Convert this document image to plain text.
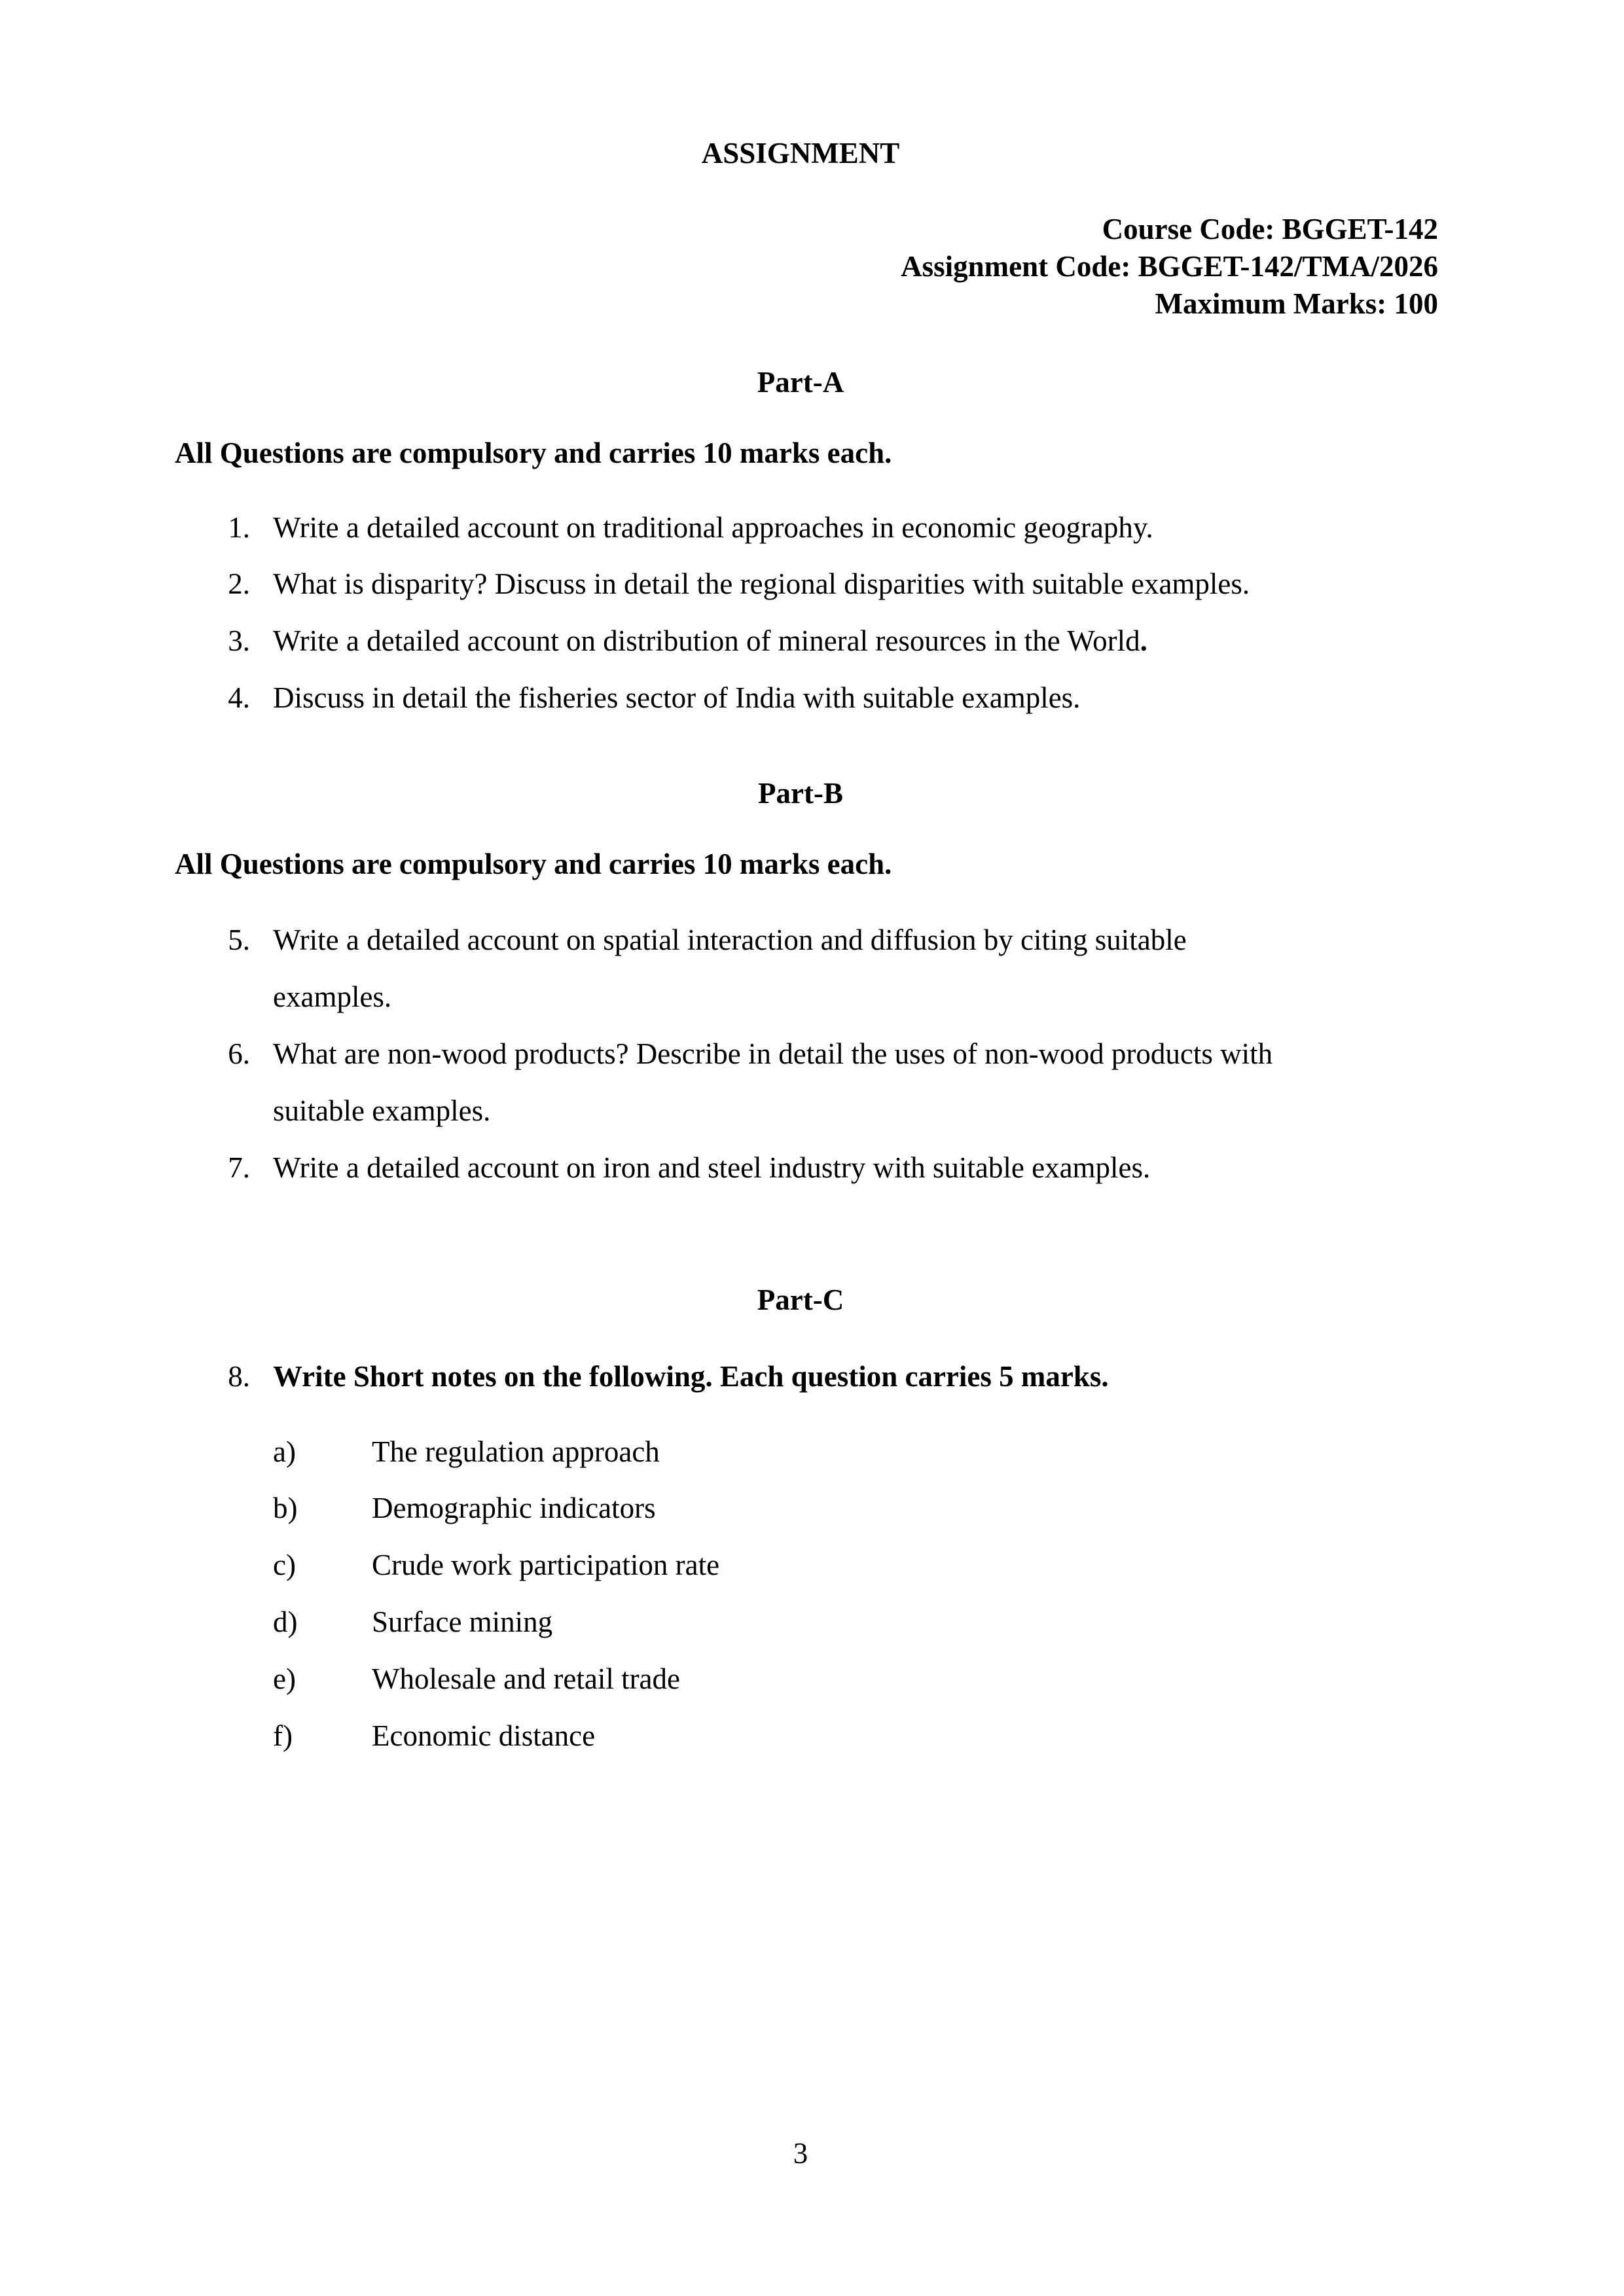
ASSIGNMENT
Course Code: BGGET-142
Assignment Code: BGGET-142/TMA/2026
Maximum Marks: 100
Part-A
All Questions are compulsory and carries 10 marks each.
1. Write a detailed account on traditional approaches in economic geography.
2. What is disparity? Discuss in detail the regional disparities with suitable examples.
3. Write a detailed account on distribution of mineral resources in the World.
4. Discuss in detail the fisheries sector of India with suitable examples.
Part-B
All Questions are compulsory and carries 10 marks each.
5. Write a detailed account on spatial interaction and diffusion by citing suitable
examples.
6. What are non-wood products? Describe in detail the uses of non-wood products with
suitable examples.
7. Write a detailed account on iron and steel industry with suitable examples.
Part-C
8. Write Short notes on the following. Each question carries 5 marks.
a)	The regulation approach
b)	Demographic indicators
c)	Crude work participation rate
d)	Surface mining
e)	Wholesale and retail trade
f)	Economic distance
3
